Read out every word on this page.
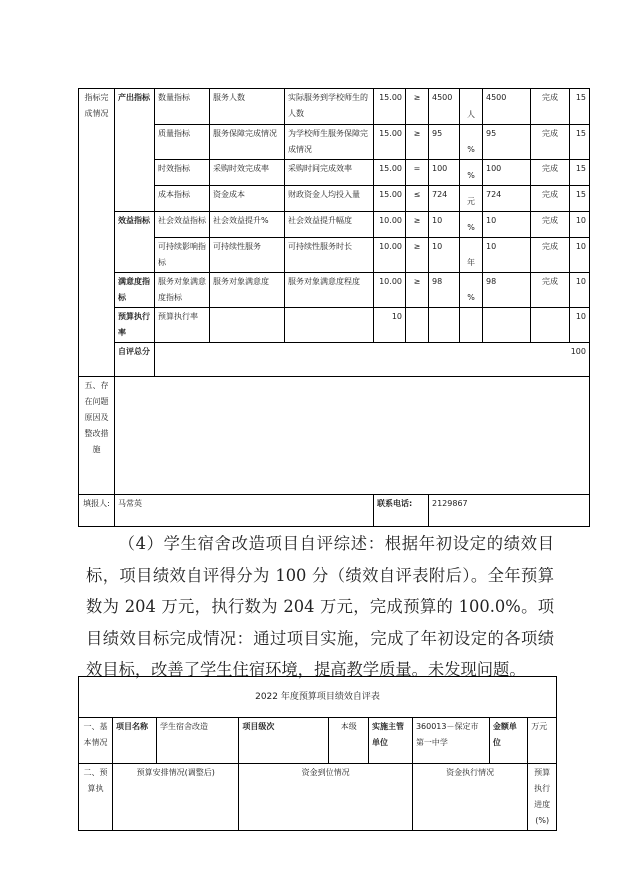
指标完成情况	产出指标	数量指标	服务人数	实际服务到学校师生的人数	15.00	≥	4500	人	4500	完成	15
		质量指标	服务保障完成情况	为学校师生服务保障完成情况	15.00	≥	95	%	95	完成	15
		时效指标	采购时效完成率	采购时间完成效率	15.00	=	100	%	100	完成	15
		成本指标	资金成本	财政资金人均投入量	15.00	≤	724	元	724	完成	15
	效益指标	社会效益指标	社会效益提升%	社会效益提升幅度	10.00	≥	10	%	10	完成	10
		可持续影响指标	可持续性服务	可持续性服务时长	10.00	≥	10	年	10	完成	10
	满意度指标	服务对象满意度指标	服务对象满意度	服务对象满意度程度	10.00	≥	98	%	98	完成	10
	预算执行率	预算执行率			10						10
	自评总分	100									
五、存在问题原因及整改措施											
填报人:	马常英				联系电话:		2129867				

（4）学生宿舍改造项目自评综述：根据年初设定的绩效目标，项目绩效自评得分为 100 分（绩效自评表附后）。全年预算数为 204 万元，执行数为 204 万元，完成预算的 100.0%。项目绩效目标完成情况：通过项目实施，完成了年初设定的各项绩效目标，改善了学生住宿环境，提高教学质量。未发现问题。

2022 年度预算项目绩效自评表								
一、基本情况	项目名称	学生宿舍改造	项目级次	本级	实施主管单位	360013－保定市第一中学	金额单位	万元
二、预算执	预算安排情况(调整后)		资金到位情况			资金执行情况		预算执行进度(%)
